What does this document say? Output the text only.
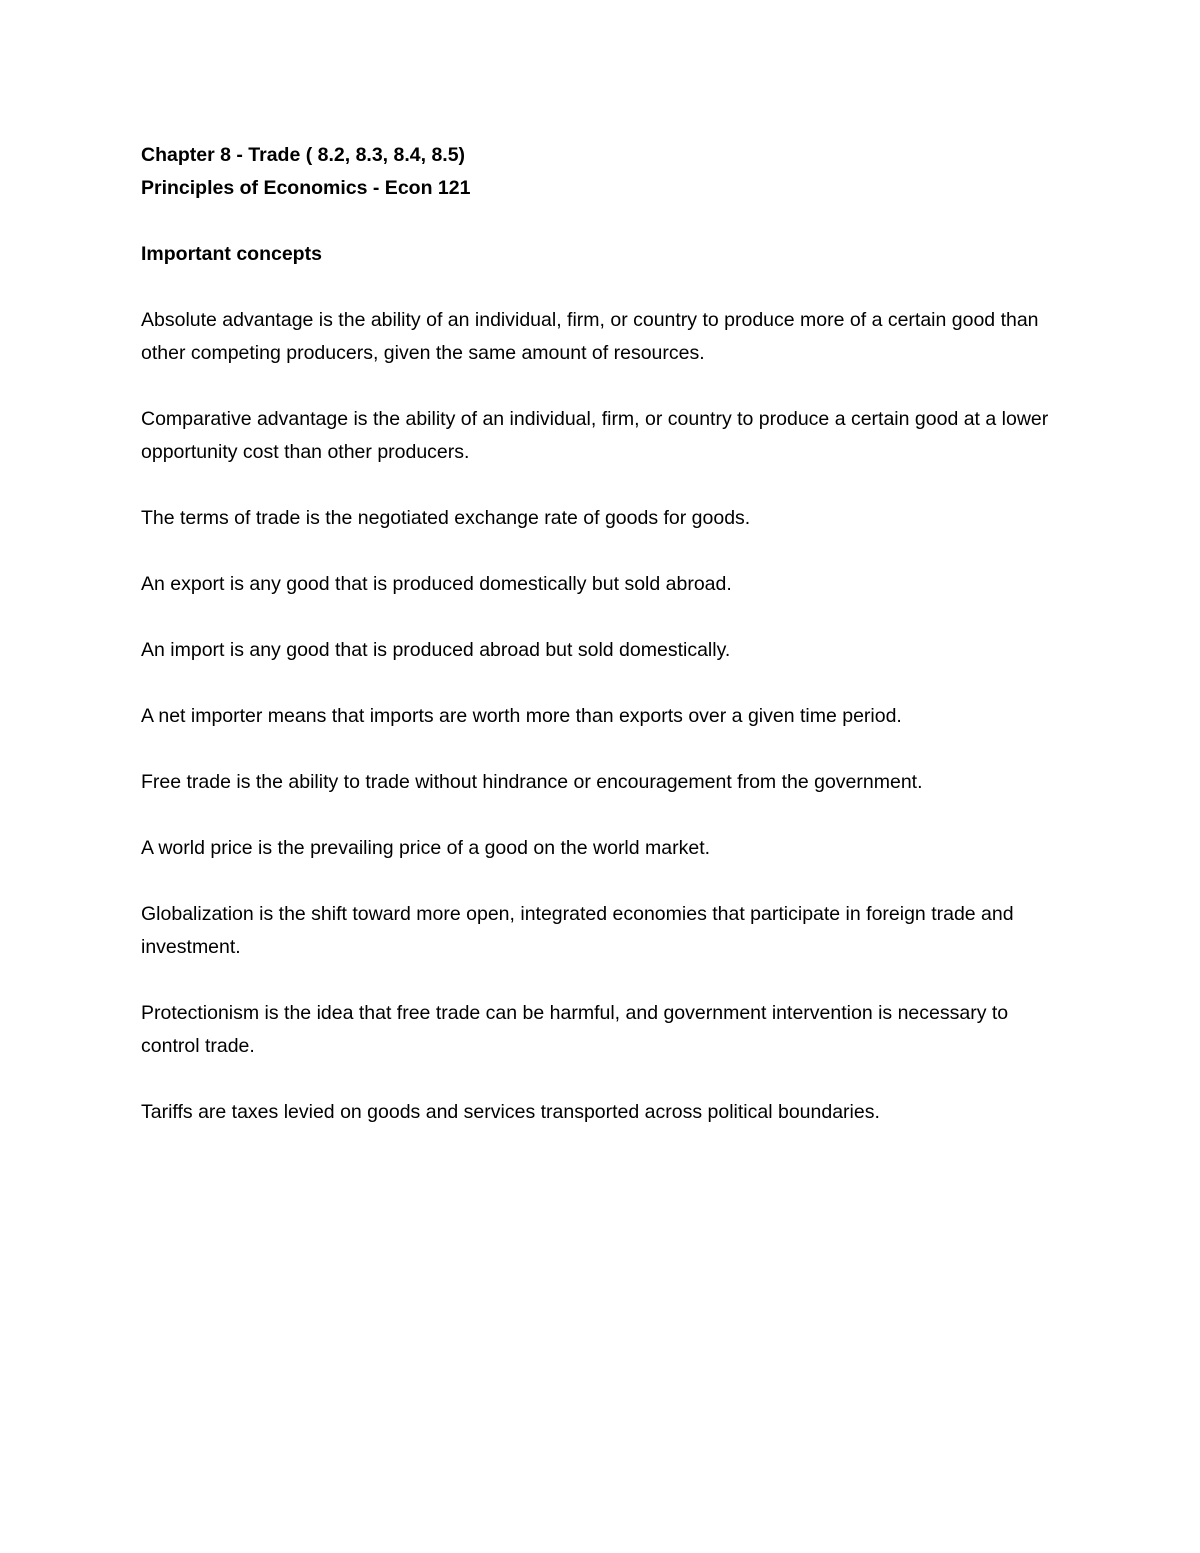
Chapter 8 - Trade ( 8.2, 8.3, 8.4, 8.5)

Principles of Economics - Econ 121

Important concepts

Absolute advantage is the ability of an individual, firm, or country to produce more of a certain good than other competing producers, given the same amount of resources.

Comparative advantage is the ability of an individual, firm, or country to produce a certain good at a lower opportunity cost than other producers.

The terms of trade is the negotiated exchange rate of goods for goods.

An export is any good that is produced domestically but sold abroad.

An import is any good that is produced abroad but sold domestically.

A net importer means that imports are worth more than exports over a given time period.

Free trade is the ability to trade without hindrance or encouragement from the government.

A world price is the prevailing price of a good on the world market.

Globalization is the shift toward more open, integrated economies that participate in foreign trade and investment.

Protectionism is the idea that free trade can be harmful, and government intervention is necessary to control trade.

Tariffs are taxes levied on goods and services transported across political boundaries.
